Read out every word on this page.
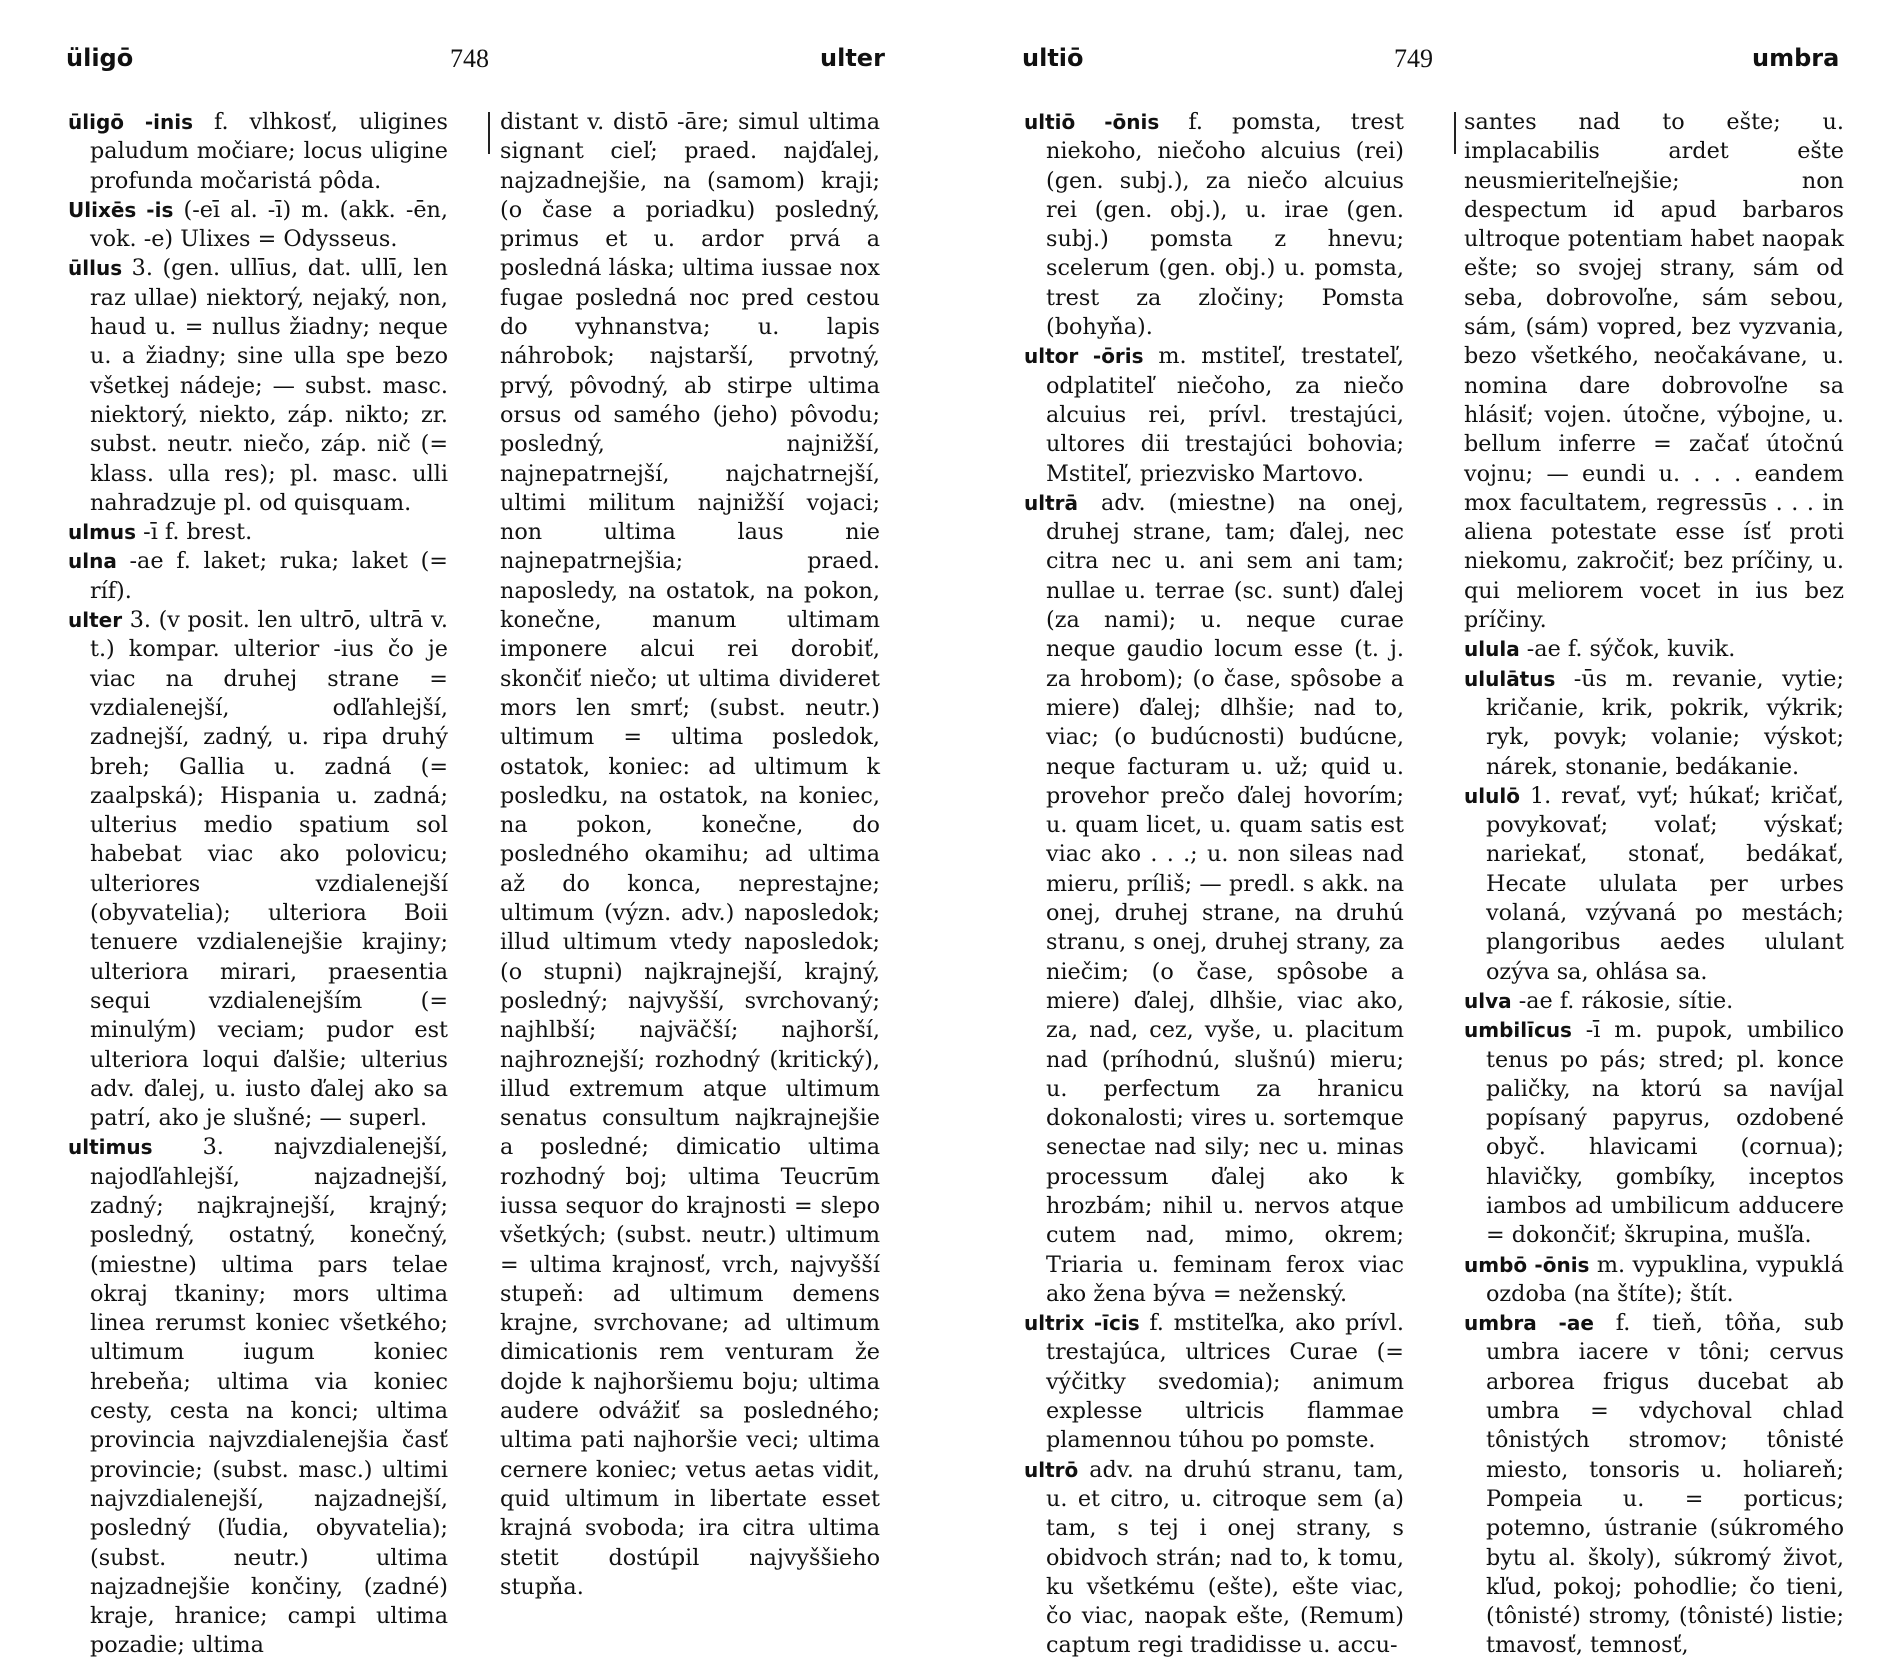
üligō	748	ulter

ūligō -inis f. vlhkosť, uligines paludum močiare; locus uligine profunda močaristá pôda.

Ulixēs -is (-eī al. -ī) m. (akk. -ēn, vok. -e) Ulixes = Odysseus.

ūllus 3. (gen. ullīus, dat. ullī, len raz ullae) niektorý, nejaký, non, haud u. = nullus žiadny; neque u. a žiadny; sine ulla spe bezo všetkej nádeje; — subst. masc. niektorý, niekto, záp. nikto; zr. subst. neutr. niečo, záp. nič (= klass. ulla res); pl. masc. ulli nahradzuje pl. od quisquam.

ulmus -ī f. brest.

ulna -ae f. laket; ruka; laket (= ríf).

ulter 3. (v posit. len ultrō, ultrā v. t.) kompar. ulterior -ius čo je viac na druhej strane = vzdialenejší, odľahlejší, zadnejší, zadný, u. ripa druhý breh; Gallia u. zadná (= zaalpská); Hispania u. zadná; ulterius medio spatium sol habebat viac ako polovicu; ulteriores vzdialenejší (obyvatelia); ulteriora Boii tenuere vzdialenejšie krajiny; ulteriora mirari, praesentia sequi vzdialenejším (= minulým) veciam; pudor est ulteriora loqui ďalšie; ulterius adv. ďalej, u. iusto ďalej ako sa patrí, ako je slušné; — superl.

ultimus 3. najvzdialenejší, najodľahlejší, najzadnejší, zadný; najkrajnejší, krajný; posledný, ostatný, konečný, (miestne) ultima pars telae okraj tkaniny; mors ultima linea rerumst koniec všetkého; ultimum iugum koniec hrebeňa; ultima via koniec cesty, cesta na konci; ultima provincia najvzdialenejšia časť provincie; (subst. masc.) ultimi najvzdialenejší, najzadnejší, posledný (ľudia, obyvatelia); (subst. neutr.) ultima najzadnejšie končiny, (zadné) kraje, hranice; campi ultima pozadie; ultima

distant v. distō -āre; simul ultima signant cieľ; praed. najďalej, najzadnejšie, na (samom) kraji; (o čase a poriadku) posledný, primus et u. ardor prvá a posledná láska; ultima iussae nox fugae posledná noc pred cestou do vyhnanstva; u. lapis náhrobok; najstarší, prvotný, prvý, pôvodný, ab stirpe ultima orsus od samého (jeho) pôvodu; posledný, najnižší, najnepatrnejší, najchatrnejší, ultimi militum najnižší vojaci; non ultima laus nie najnepatrnejšia; praed. naposledy, na ostatok, na pokon, konečne, manum ultimam imponere alcui rei dorobiť, skončiť niečo; ut ultima divideret mors len smrť; (subst. neutr.) ultimum = ultima posledok, ostatok, koniec: ad ultimum k posledku, na ostatok, na koniec, na pokon, konečne, do posledného okamihu; ad ultima až do konca, neprestajne; ultimum (význ. adv.) naposledok; illud ultimum vtedy naposledok; (o stupni) najkrajnejší, krajný, posledný; najvyšší, svrchovaný; najhlbší; najväčší; najhorší, najhroznejší; rozhodný (kritický), illud extremum atque ultimum senatus consultum najkrajnejšie a posledné; dimicatio ultima rozhodný boj; ultima Teucrūm iussa sequor do krajnosti = slepo všetkých; (subst. neutr.) ultimum = ultima krajnosť, vrch, najvyšší stupeň: ad ultimum demens krajne, svrchovane; ad ultimum dimicationis rem venturam že dojde k najhoršiemu boju; ultima audere odvážiť sa posledného; ultima pati najhoršie veci; ultima cernere koniec; vetus aetas vidit, quid ultimum in libertate esset krajná svoboda; ira citra ultima stetit dostúpil najvyššieho stupňa.

ultiō	749	umbra

ultiō -ōnis f. pomsta, trest niekoho, niečoho alcuius (rei) (gen. subj.), za niečo alcuius rei (gen. obj.), u. irae (gen. subj.) pomsta z hnevu; scelerum (gen. obj.) u. pomsta, trest za zločiny; Pomsta (bohyňa).

ultor -ōris m. mstiteľ, trestateľ, odplatiteľ niečoho, za niečo alcuius rei, prívl. trestajúci, ultores dii trestajúci bohovia; Mstiteľ, priezvisko Martovo.

ultrā adv. (miestne) na onej, druhej strane, tam; ďalej, nec citra nec u. ani sem ani tam; nullae u. terrae (sc. sunt) ďalej (za nami); u. neque curae neque gaudio locum esse (t. j. za hrobom); (o čase, spôsobe a miere) ďalej; dlhšie; nad to, viac; (o budúcnosti) budúcne, neque facturam u. už; quid u. provehor prečo ďalej hovorím; u. quam licet, u. quam satis est viac ako . . .; u. non sileas nad mieru, príliš; — predl. s akk. na onej, druhej strane, na druhú stranu, s onej, druhej strany, za niečim; (o čase, spôsobe a miere) ďalej, dlhšie, viac ako, za, nad, cez, vyše, u. placitum nad (príhodnú, slušnú) mieru; u. perfectum za hranicu dokonalosti; vires u. sortemque senectae nad sily; nec u. minas processum ďalej ako k hrozbám; nihil u. nervos atque cutem nad, mimo, okrem; Triaria u. feminam ferox viac ako žena býva = neženský.

ultrix -īcis f. mstiteľka, ako prívl. trestajúca, ultrices Curae (= výčitky svedomia); animum explesse ultricis flammae plamennou túhou po pomste.

ultrō adv. na druhú stranu, tam, u. et citro, u. citroque sem (a) tam, s tej i onej strany, s obidvoch strán; nad to, k tomu, ku všetkému (ešte), ešte viac, čo viac, naopak ešte, (Remum) captum regi tradidisse u. accu-

santes nad to ešte; u. implacabilis ardet ešte neusmieriteľnejšie; non despectum id apud barbaros ultroque potentiam habet naopak ešte; so svojej strany, sám od seba, dobrovoľne, sám sebou, sám, (sám) vopred, bez vyzvania, bezo všetkého, neočakávane, u. nomina dare dobrovoľne sa hlásiť; vojen. útočne, výbojne, u. bellum inferre = začať útočnú vojnu; — eundi u. . . . eandem mox facultatem, regressūs . . . in aliena potestate esse ísť proti niekomu, zakročiť; bez príčiny, u. qui meliorem vocet in ius bez príčiny.

ulula -ae f. sýčok, kuvik.

ululātus -ūs m. revanie, vytie; kričanie, krik, pokrik, výkrik; ryk, povyk; volanie; výskot; nárek, stonanie, bedákanie.

ululō 1. revať, vyť; húkať; kričať, povykovať; volať; výskať; nariekať, stonať, bedákať, Hecate ululata per urbes volaná, vzývaná po mestách; plangoribus aedes ululant ozýva sa, ohlása sa.

ulva -ae f. rákosie, sítie.

umbilīcus -ī m. pupok, umbilico tenus po pás; stred; pl. konce paličky, na ktorú sa navíjal popísaný papyrus, ozdobené obyč. hlavicami (cornua); hlavičky, gombíky, inceptos iambos ad umbilicum adducere = dokončiť; škrupina, mušľa.

umbō -ōnis m. vypuklina, vypuklá ozdoba (na štíte); štít.

umbra -ae f. tieň, tôňa, sub umbra iacere v tôni; cervus arborea frigus ducebat ab umbra = vdychoval chlad tônistých stromov; tônisté miesto, tonsoris u. holiareň; Pompeia u. = porticus; potemno, ústranie (súkromého bytu al. školy), súkromý život, kľud, pokoj; pohodlie; čo tieni, (tônisté) stromy, (tônisté) listie; tmavosť, temnosť,
